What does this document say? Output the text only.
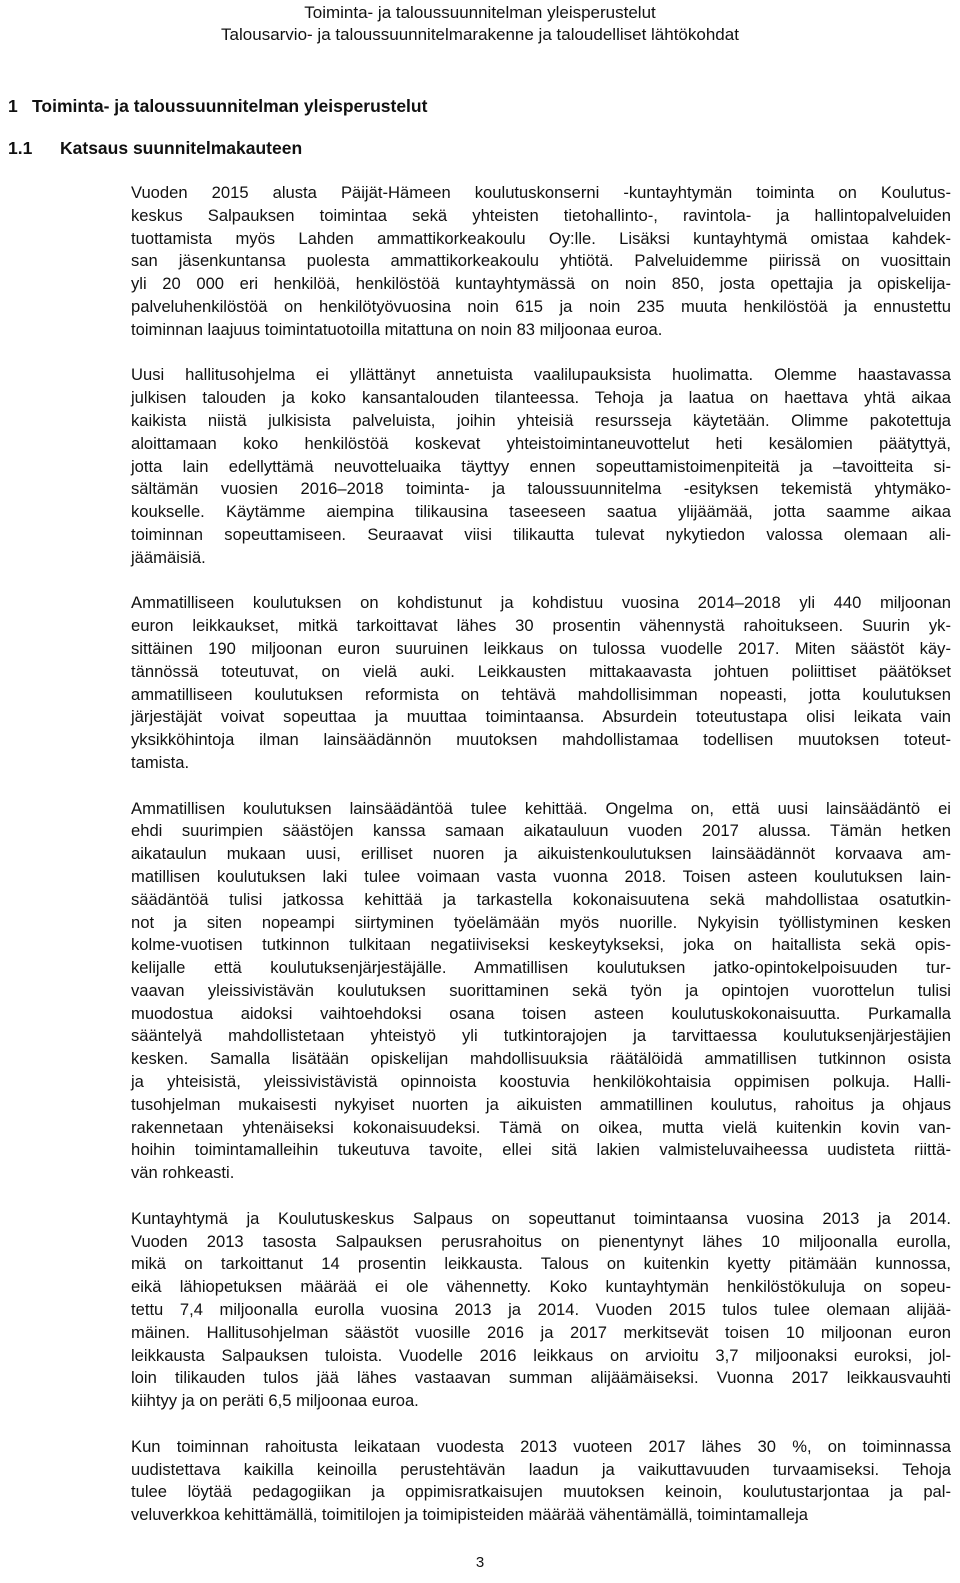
Toiminta- ja taloussuunnitelman yleisperustelut
Talousarvio- ja taloussuunnitelmarakenne ja taloudelliset lähtökohdat
1 Toiminta- ja taloussuunnitelman yleisperustelut
1.1 Katsaus suunnitelmakauteen

Vuoden 2015 alusta Päijät-Hämeen koulutuskonserni -kuntayhtymän toiminta on Koulutus-
keskus Salpauksen toimintaa sekä yhteisten tietohallinto-, ravintola- ja hallintopalveluiden
tuottamista myös Lahden ammattikorkeakoulu Oy:lle. Lisäksi kuntayhtymä omistaa kahdek-
san jäsenkuntansa puolesta ammattikorkeakoulu yhtiötä. Palveluidemme piirissä on vuosittain
yli 20 000 eri henkilöä, henkilöstöä kuntayhtymässä on noin 850, josta opettajia ja opiskelija-
palveluhenkilöstöä on henkilötyövuosina noin 615 ja noin 235 muuta henkilöstöä ja ennustettu
toiminnan laajuus toimintatuotoilla mitattuna on noin 83 miljoonaa euroa.

Uusi hallitusohjelma ei yllättänyt annetuista vaalilupauksista huolimatta. Olemme haastavassa
julkisen talouden ja koko kansantalouden tilanteessa. Tehoja ja laatua on haettava yhtä aikaa
kaikista niistä julkisista palveluista, joihin yhteisiä resursseja käytetään. Olimme pakotettuja
aloittamaan koko henkilöstöä koskevat yhteistoimintaneuvottelut heti kesälomien päätyttyä,
jotta lain edellyttämä neuvotteluaika täyttyy ennen sopeuttamistoimenpiteitä ja –tavoitteita si-
sältämän vuosien 2016–2018 toiminta- ja taloussuunnitelma -esityksen tekemistä yhtymäko-
koukselle. Käytämme aiempina tilikausina taseeseen saatua ylijäämää, jotta saamme aikaa
toiminnan sopeuttamiseen. Seuraavat viisi tilikautta tulevat nykytiedon valossa olemaan ali-
jäämäisiä.

Ammatilliseen koulutuksen on kohdistunut ja kohdistuu vuosina 2014–2018 yli 440 miljoonan
euron leikkaukset, mitkä tarkoittavat lähes 30 prosentin vähennystä rahoitukseen. Suurin yk-
sittäinen 190 miljoonan euron suuruinen leikkaus on tulossa vuodelle 2017. Miten säästöt käy-
tännössä toteutuvat, on vielä auki. Leikkausten mittakaavasta johtuen poliittiset päätökset
ammatilliseen koulutuksen reformista on tehtävä mahdollisimman nopeasti, jotta koulutuksen
järjestäjät voivat sopeuttaa ja muuttaa toimintaansa. Absurdein toteutustapa olisi leikata vain
yksikköhintoja ilman lainsäädännön muutoksen mahdollistamaa todellisen muutoksen toteut-
tamista.

Ammatillisen koulutuksen lainsäädäntöä tulee kehittää. Ongelma on, että uusi lainsäädäntö ei
ehdi suurimpien säästöjen kanssa samaan aikatauluun vuoden 2017 alussa. Tämän hetken
aikataulun mukaan uusi, erilliset nuoren ja aikuistenkoulutuksen lainsäädännöt korvaava am-
matillisen koulutuksen laki tulee voimaan vasta vuonna 2018. Toisen asteen koulutuksen lain-
säädäntöä tulisi jatkossa kehittää ja tarkastella kokonaisuutena sekä mahdollistaa osatutkin-
not ja siten nopeampi siirtyminen työelämään myös nuorille. Nykyisin työllistyminen kesken
kolme-vuotisen tutkinnon tulkitaan negatiiviseksi keskeytykseksi, joka on haitallista sekä opis-
kelijalle että koulutuksenjärjestäjälle. Ammatillisen koulutuksen jatko-opintokelpoisuuden tur-
vaavan yleissivistävän koulutuksen suorittaminen sekä työn ja opintojen vuorottelun tulisi
muodostua aidoksi vaihtoehdoksi osana toisen asteen koulutuskokonaisuutta. Purkamalla
sääntelyä mahdollistetaan yhteistyö yli tutkintorajojen ja tarvittaessa koulutuksenjärjestäjien
kesken. Samalla lisätään opiskelijan mahdollisuuksia räätälöidä ammatillisen tutkinnon osista
ja yhteisistä, yleissivistävistä opinnoista koostuvia henkilökohtaisia oppimisen polkuja. Halli-
tusohjelman mukaisesti nykyiset nuorten ja aikuisten ammatillinen koulutus, rahoitus ja ohjaus
rakennetaan yhtenäiseksi kokonaisuudeksi. Tämä on oikea, mutta vielä kuitenkin kovin van-
hoihin toimintamalleihin tukeutuva tavoite, ellei sitä lakien valmisteluvaiheessa uudisteta riittä-
vän rohkeasti.

Kuntayhtymä ja Koulutuskeskus Salpaus on sopeuttanut toimintaansa vuosina 2013 ja 2014.
Vuoden 2013 tasosta Salpauksen perusrahoitus on pienentynyt lähes 10 miljoonalla eurolla,
mikä on tarkoittanut 14 prosentin leikkausta. Talous on kuitenkin kyetty pitämään kunnossa,
eikä lähiopetuksen määrää ei ole vähennetty. Koko kuntayhtymän henkilöstökuluja on sopeu-
tettu 7,4 miljoonalla eurolla vuosina 2013 ja 2014. Vuoden 2015 tulos tulee olemaan alijää-
mäinen. Hallitusohjelman säästöt vuosille 2016 ja 2017 merkitsevät toisen 10 miljoonan euron
leikkausta Salpauksen tuloista. Vuodelle 2016 leikkaus on arvioitu 3,7 miljoonaksi euroksi, jol-
loin tilikauden tulos jää lähes vastaavan summan alijäämäiseksi. Vuonna 2017 leikkausvauhti
kiihtyy ja on peräti 6,5 miljoonaa euroa.

Kun toiminnan rahoitusta leikataan vuodesta 2013 vuoteen 2017 lähes 30 %, on toiminnassa
uudistettava kaikilla keinoilla perustehtävän laadun ja vaikuttavuuden turvaamiseksi. Tehoja
tulee löytää pedagogiikan ja oppimisratkaisujen muutoksen keinoin, koulutustarjontaa ja pal-
veluverkkoa kehittämällä, toimitilojen ja toimipisteiden määrää vähentämällä, toimintamalleja

3
